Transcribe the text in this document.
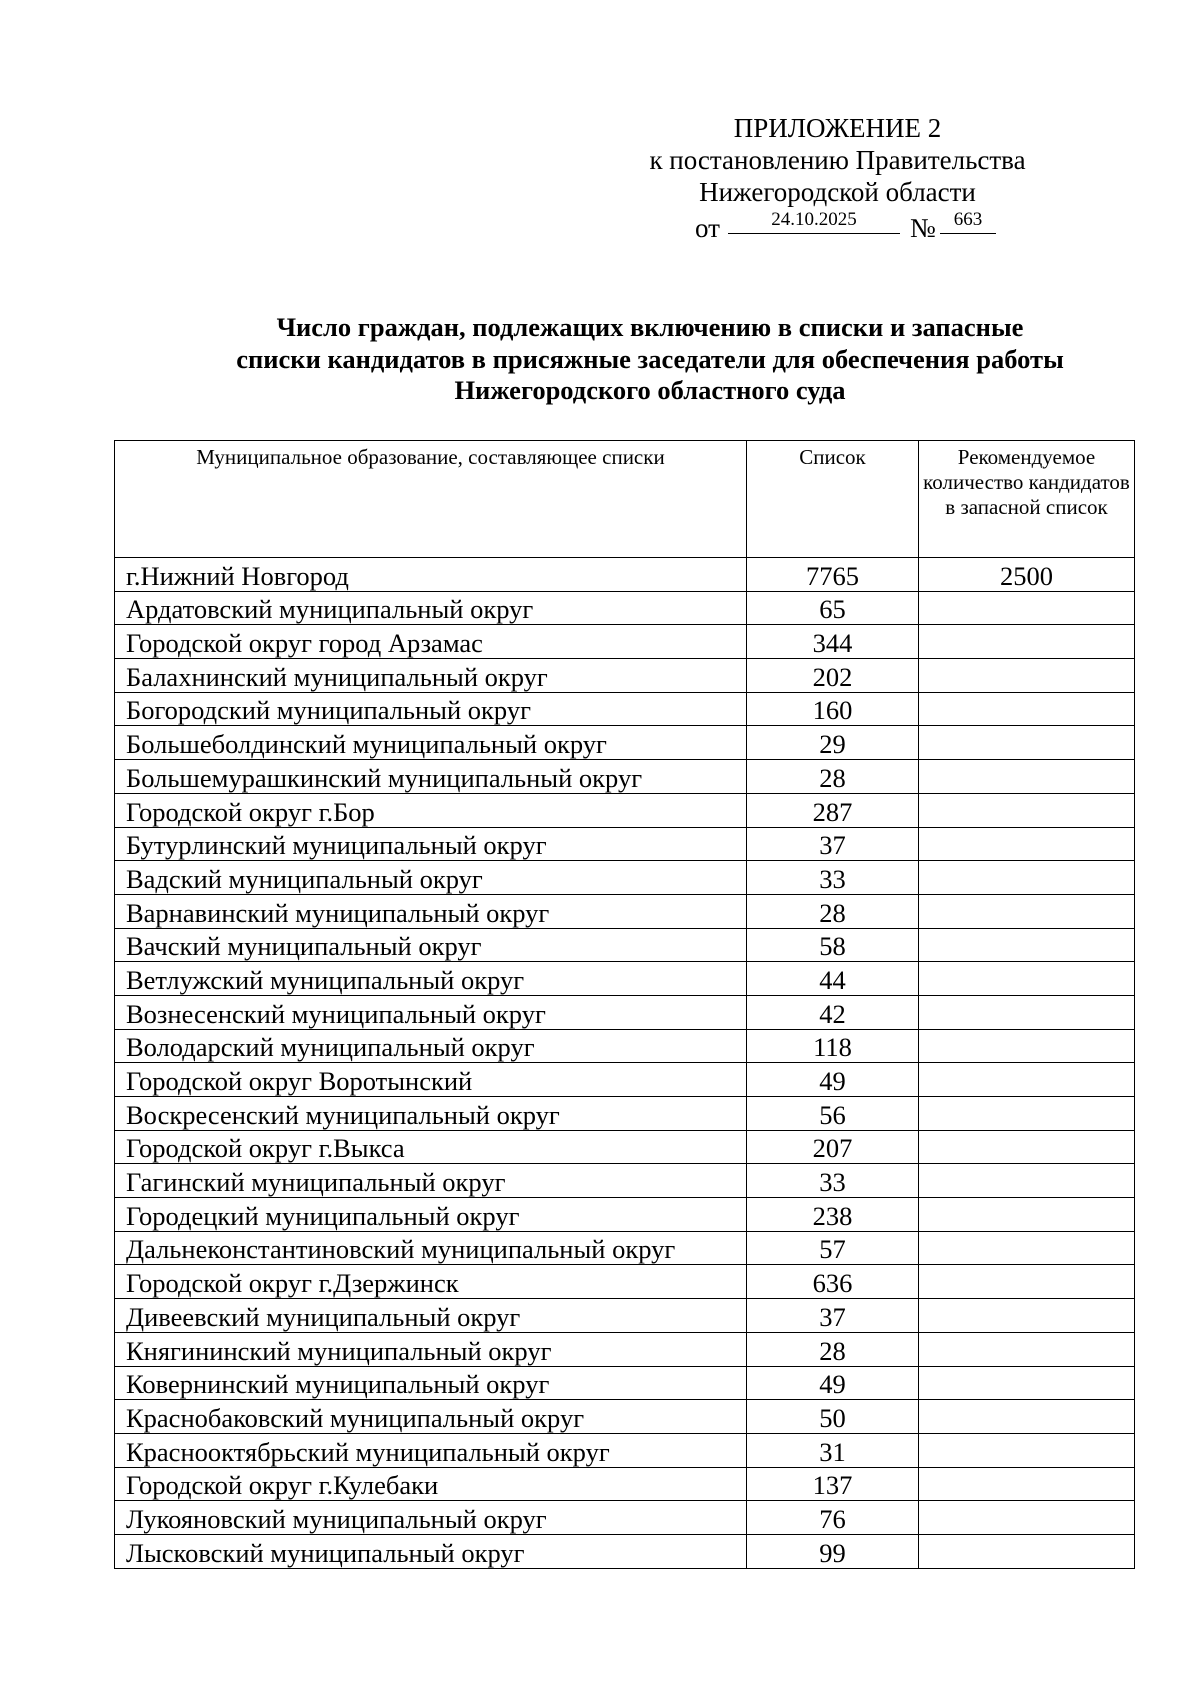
ПРИЛОЖЕНИЕ 2
к постановлению Правительства
Нижегородской области
от	24.10.2025	№ 663
Число граждан, подлежащих включению в списки и запасные
списки кандидатов в присяжные заседатели для обеспечения работы
Нижегородского областного суда
Муниципальное образование, составляющее списки	Список	Рекомендуемое количество кандидатов в запасной список
г.Нижний Новгород	7765	2500
Ардатовский муниципальный округ	65	
Городской округ город Арзамас	344	
Балахнинский муниципальный округ	202	
Богородский муниципальный округ	160	
Большеболдинский муниципальный округ	29	
Большемурашкинский муниципальный округ	28	
Городской округ г.Бор	287	
Бутурлинский муниципальный округ	37	
Вадский муниципальный округ	33	
Варнавинский муниципальный округ	28	
Вачский муниципальный округ	58	
Ветлужский муниципальный округ	44	
Вознесенский муниципальный округ	42	
Володарский муниципальный округ	118	
Городской округ Воротынский	49	
Воскресенский муниципальный округ	56	
Городской округ г.Выкса	207	
Гагинский муниципальный округ	33	
Городецкий муниципальный округ	238	
Дальнеконстантиновский муниципальный округ	57	
Городской округ г.Дзержинск	636	
Дивеевский муниципальный округ	37	
Княгининский муниципальный округ	28	
Ковернинский муниципальный округ	49	
Краснобаковский муниципальный округ	50	
Краснооктябрьский муниципальный округ	31	
Городской округ г.Кулебаки	137	
Лукояновский муниципальный округ	76	
Лысковский муниципальный округ	99	
